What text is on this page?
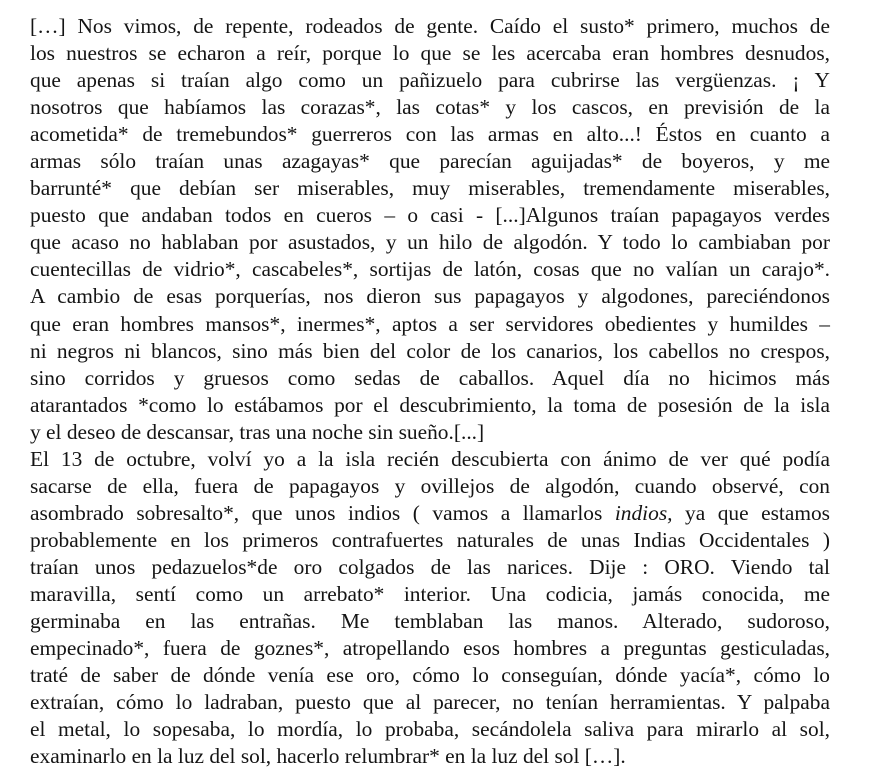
[…] Nos vimos, de repente, rodeados de gente. Caído el susto* primero, muchos de
los nuestros se echaron a reír, porque lo que se les acercaba eran hombres desnudos,
que apenas si traían algo como un pañizuelo para cubrirse las vergüenzas. ¡ Y
nosotros que habíamos las corazas*, las cotas* y los cascos, en previsión de la
acometida* de tremebundos* guerreros con las armas en alto...! Éstos en cuanto a
armas sólo traían unas azagayas* que parecían aguijadas* de boyeros, y me
barrunté* que debían ser miserables, muy miserables, tremendamente miserables,
puesto que andaban todos en cueros – o casi - [...]Algunos traían papagayos verdes
que acaso no hablaban por asustados, y un hilo de algodón. Y todo lo cambiaban por
cuentecillas de vidrio*, cascabeles*, sortijas de latón, cosas que no valían un carajo*.
A cambio de esas porquerías, nos dieron sus papagayos y algodones, pareciéndonos
que eran hombres mansos*, inermes*, aptos a ser servidores obedientes y humildes –
ni negros ni blancos, sino más bien del color de los canarios, los cabellos no crespos,
sino corridos y gruesos como sedas de caballos. Aquel día no hicimos más
atarantados *como lo estábamos por el descubrimiento, la toma de posesión de la isla
y el deseo de descansar, tras una noche sin sueño.[...]
El 13 de octubre, volví yo a la isla recién descubierta con ánimo de ver qué podía
sacarse de ella, fuera de papagayos y ovillejos de algodón, cuando observé, con
asombrado sobresalto*, que unos indios ( vamos a llamarlos indios, ya que estamos
probablemente en los primeros contrafuertes naturales de unas Indias Occidentales )
traían unos pedazuelos*de oro colgados de las narices. Dije : ORO. Viendo tal
maravilla, sentí como un arrebato* interior. Una codicia, jamás conocida, me
germinaba en las entrañas. Me temblaban las manos. Alterado, sudoroso,
empecinado*, fuera de goznes*, atropellando esos hombres a preguntas gesticuladas,
traté de saber de dónde venía ese oro, cómo lo conseguían, dónde yacía*, cómo lo
extraían, cómo lo ladraban, puesto que al parecer, no tenían herramientas. Y palpaba
el metal, lo sopesaba, lo mordía, lo probaba, secándolela saliva para mirarlo al sol,
examinarlo en la luz del sol, hacerlo relumbrar* en la luz del sol […].
